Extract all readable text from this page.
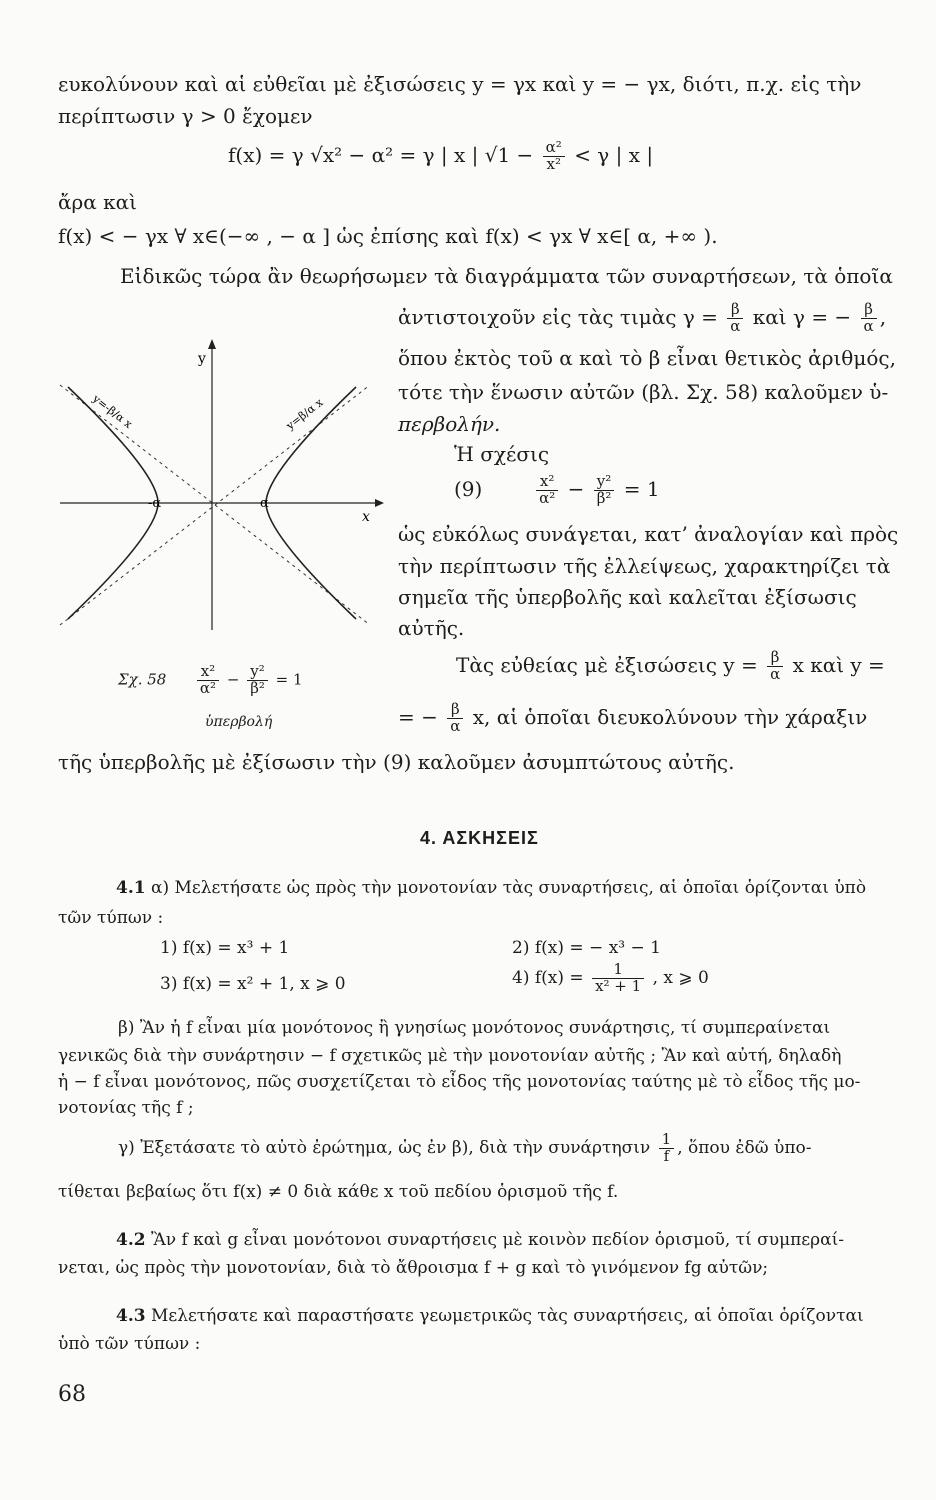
ευκολύνουν καὶ αἱ εὐθεῖαι μὲ ἐξισώσεις y = γx καὶ y = − γx, διότι, π.χ. εἰς τὴν
περίπτωσιν γ > 0 ἔχομεν
f(x) = γ √x² − α² = γ | x | $√1 - \frac{\text{α²}}{\text{x²}} < \gamma$ | x |
ἄρα καὶ
f(x) < − γx ∀ x∈(−∞ , − α ] ὡς ἐπίσης καὶ f(x) < γx ∀ x∈[ α, +∞ ).
Εἰδικῶς τώρα ἂν θεωρήσωμεν τὰ διαγράμματα τῶν συναρτήσεων, τὰ ὁποῖα
ἀντιστοιχοῦν εἰς τὰς τιμὰς $\gamma = \frac{\beta}{\alpha}$ καὶ γ = − $\frac{\beta}{\alpha}$ ,
ὅπου ἐκτὸς τοῦ α καὶ τὸ β εἶναι θετικὸς ἀριθμός,
τότε τὴν ἕνωσιν αὐτῶν (βλ. Σχ. 58) καλοῦμεν ὑ-
περβολήν.
Ἡ σχέσις
(9)	$\frac{\text{x²}}{\text{α²}} - \frac{\text{y²}}{\text{β²}} = 1$
ὡς εὐκόλως συνάγεται, κατ’ ἀναλογίαν καὶ πρὸς
τὴν περίπτωσιν τῆς ἐλλείψεως, χαρακτηρίζει τὰ
σημεῖα τῆς ὑπερβολῆς καὶ καλεῖται ἐξίσωσις
αὐτῆς.
Τὰς εὐθείας μὲ ἐξισώσεις $y = \frac{\beta}{\alpha}$ x καὶ y =
= − $\frac{\beta}{\alpha} x$, αἱ ὁποῖαι διευκολύνουν τὴν χάραξιν
τῆς ὑπερβολῆς μὲ ἐξίσωσιν τὴν (9) καλοῦμεν ἀσυμπτώτους αὐτῆς.
y
x
-α	α
y=-β/α x	y=β/α x
Σχ. $58 \frac{\text{x²}}{\text{α²}} - \frac{\text{y²}}{\text{β²}} = 1$
ὑπερβολή
4. ΑΣΚΗΣΕΙΣ
4.1 α) Μελετήσατε ὡς πρὸς τὴν μονοτονίαν τὰς συναρτήσεις, αἱ ὁποῖαι ὁρίζονται ὑπὸ
τῶν τύπων :
1) f(x) = x³ + 1	2) f(x) = − x³ − 1
3) f(x) = x² + 1, x ⩾ 0	4) $f(x) = \frac{1}{\text{x² + 1}}$ , x ⩾ 0
β) Ἂν ἡ f εἶναι μία μονότονος ἢ γνησίως μονότονος συνάρτησις, τί συμπεραίνεται
γενικῶς διὰ τὴν συνάρτησιν − f σχετικῶς μὲ τὴν μονοτονίαν αὐτῆς ; Ἂν καὶ αὐτή, δηλαδὴ
ἡ − f εἶναι μονότονος, πῶς συσχετίζεται τὸ εἶδος τῆς μονοτονίας ταύτης μὲ τὸ εἶδος τῆς μο-
νοτονίας τῆς f ;
γ) Ἐξετάσατε τὸ αὐτὸ ἐρώτημα, ὡς ἐν β), διὰ τὴν συνάρτησιν $\frac{1}{f}$ , ὅπου ἐδῶ ὑπο-
τίθεται βεβαίως ὅτι f(x) ≠ 0 διὰ κάθε x τοῦ πεδίου ὁρισμοῦ τῆς f.
4.2 Ἂν f καὶ g εἶναι μονότονοι συναρτήσεις μὲ κοινὸν πεδίον ὁρισμοῦ, τί συμπεραί-
νεται, ὡς πρὸς τὴν μονοτονίαν, διὰ τὸ ἄθροισμα f + g καὶ τὸ γινόμενον fg αὐτῶν;
4.3 Μελετήσατε καὶ παραστήσατε γεωμετρικῶς τὰς συναρτήσεις, αἱ ὁποῖαι ὁρίζονται
ὑπὸ τῶν τύπων :
68
